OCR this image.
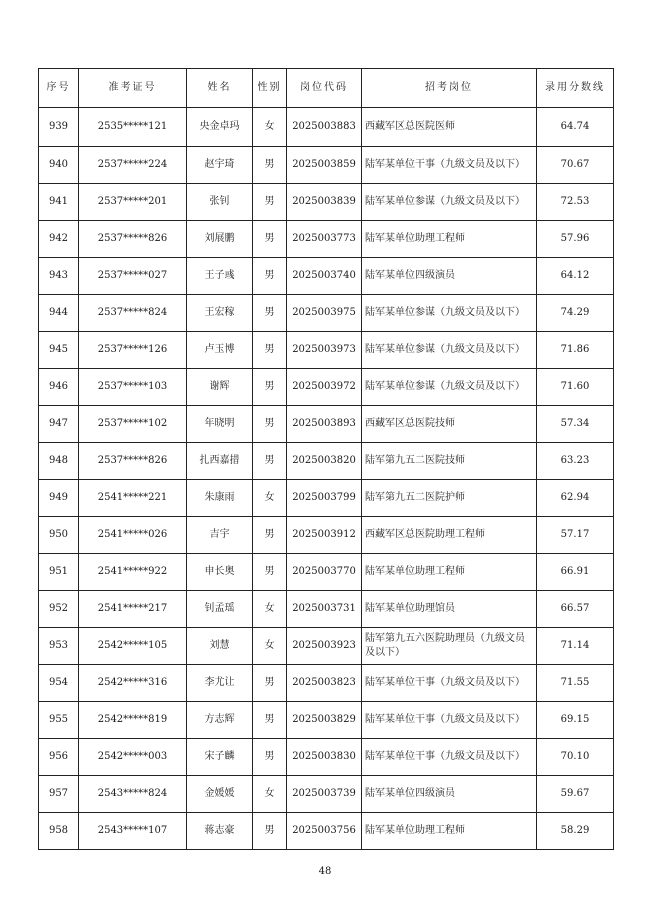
序号	准考证号	姓名	性别	岗位代码	招考岗位	录用分数线
939	2535*****121	央金卓玛	女	2025003883	西藏军区总医院医师	64.74
940	2537*****224	赵宇琦	男	2025003859	陆军某单位干事（九级文员及以下）	70.67
941	2537*****201	张钊	男	2025003839	陆军某单位参谋（九级文员及以下）	72.53
942	2537*****826	刘展鹏	男	2025003773	陆军某单位助理工程师	57.96
943	2537*****027	王子彧	男	2025003740	陆军某单位四级演员	64.12
944	2537*****824	王宏稼	男	2025003975	陆军某单位参谋（九级文员及以下）	74.29
945	2537*****126	卢玉博	男	2025003973	陆军某单位参谋（九级文员及以下）	71.86
946	2537*****103	谢辉	男	2025003972	陆军某单位参谋（九级文员及以下）	71.60
947	2537*****102	年晓明	男	2025003893	西藏军区总医院技师	57.34
948	2537*****826	扎西嘉措	男	2025003820	陆军第九五二医院技师	63.23
949	2541*****221	朱康雨	女	2025003799	陆军第九五二医院护师	62.94
950	2541*****026	吉宇	男	2025003912	西藏军区总医院助理工程师	57.17
951	2541*****922	申长奥	男	2025003770	陆军某单位助理工程师	66.91
952	2541*****217	钊孟瑶	女	2025003731	陆军某单位助理馆员	66.57
953	2542*****105	刘慧	女	2025003923	陆军第九五六医院助理员（九级文员及以下）	71.14
954	2542*****316	李尤让	男	2025003823	陆军某单位干事（九级文员及以下）	71.55
955	2542*****819	方志辉	男	2025003829	陆军某单位干事（九级文员及以下）	69.15
956	2542*****003	宋子麟	男	2025003830	陆军某单位干事（九级文员及以下）	70.10
957	2543*****824	金媛媛	女	2025003739	陆军某单位四级演员	59.67
958	2543*****107	蒋志豪	男	2025003756	陆军某单位助理工程师	58.29
48
